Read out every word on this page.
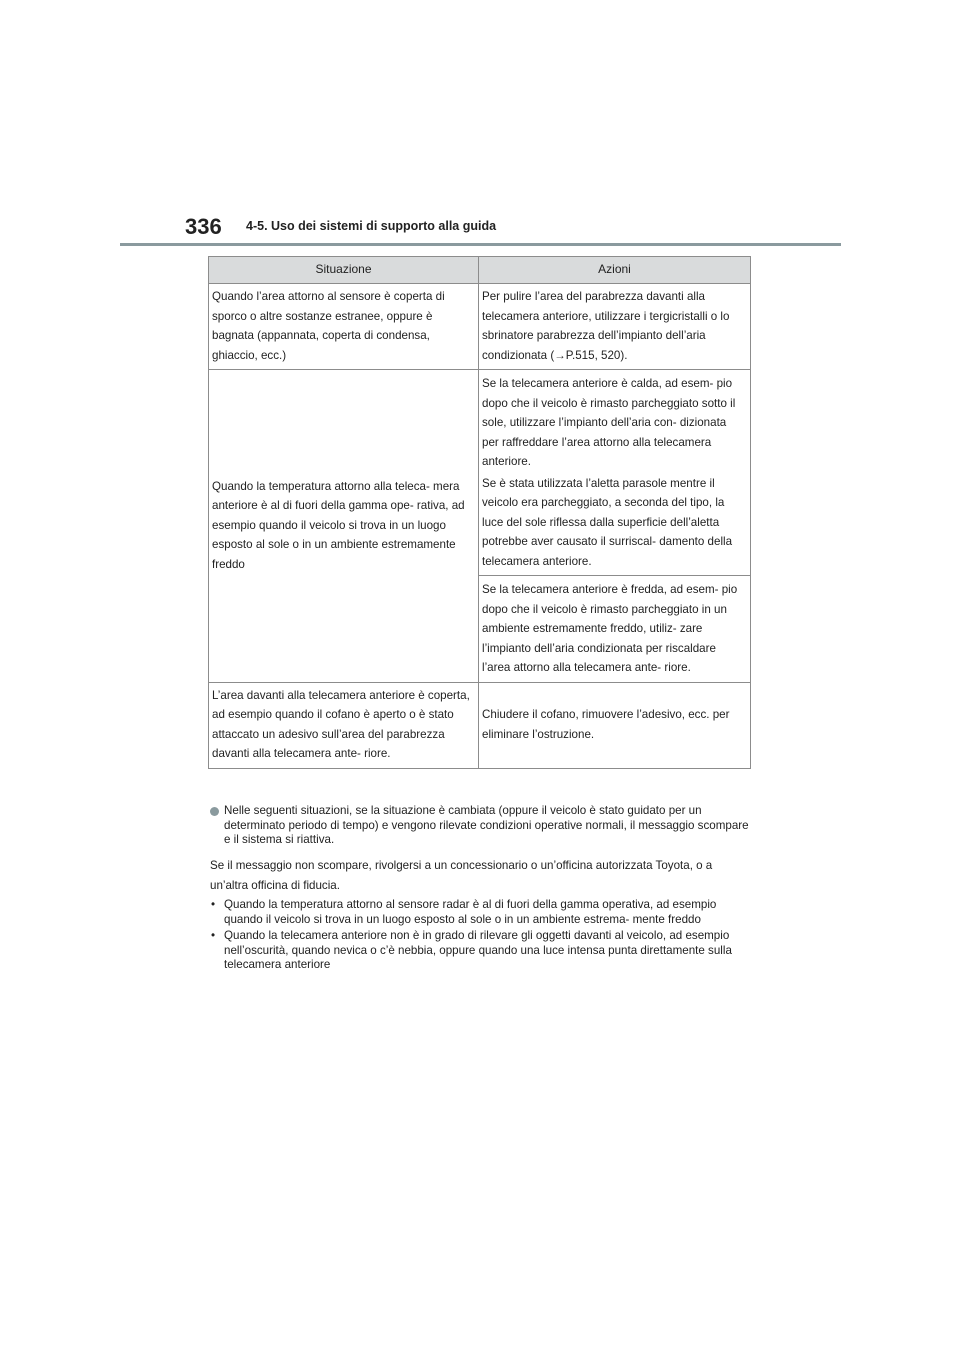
336 4-5. Uso dei sistemi di supporto alla guida
Situazione	Azioni
Quando l’area attorno al sensore è coperta di sporco o altre sostanze estranee, oppure è bagnata (appannata, coperta di condensa, ghiaccio, ecc.)	Per pulire l’area del parabrezza davanti alla telecamera anteriore, utilizzare i tergicristalli o lo sbrinatore parabrezza dell’impianto dell’aria condizionata (→P.515, 520).
Quando la temperatura attorno alla teleca- mera anteriore è al di fuori della gamma ope- rativa, ad esempio quando il veicolo si trova in un luogo esposto al sole o in un ambiente estremamente freddo	Se la telecamera anteriore è calda, ad esem- pio dopo che il veicolo è rimasto parcheggiato sotto il sole, utilizzare l’impianto dell’aria con- dizionata per raffreddare l’area attorno alla telecamera anteriore.
Se è stata utilizzata l’aletta parasole mentre il veicolo era parcheggiato, a seconda del tipo, la luce del sole riflessa dalla superficie dell’aletta potrebbe aver causato il surriscal- damento della telecamera anteriore.

	Se la telecamera anteriore è fredda, ad esem- pio dopo che il veicolo è rimasto parcheggiato in un ambiente estremamente freddo, utiliz- zare l’impianto dell’aria condizionata per riscaldare l’area attorno alla telecamera ante- riore.
L’area davanti alla telecamera anteriore è coperta, ad esempio quando il cofano è aperto o è stato attaccato un adesivo sull’area del parabrezza davanti alla telecamera ante- riore.	Chiudere il cofano, rimuovere l’adesivo, ecc. per eliminare l’ostruzione.
Nelle seguenti situazioni, se la situazione è cambiata (oppure il veicolo è stato guidato per un determinato periodo di tempo) e vengono rilevate condizioni operative normali, il messaggio scompare e il sistema si riattiva.
Se il messaggio non scompare, rivolgersi a un concessionario o un’officina autorizzata Toyota, o a un’altra officina di fiducia.
• Quando la temperatura attorno al sensore radar è al di fuori della gamma operativa, ad esempio quando il veicolo si trova in un luogo esposto al sole o in un ambiente estrema- mente freddo
• Quando la telecamera anteriore non è in grado di rilevare gli oggetti davanti al veicolo, ad esempio nell’oscurità, quando nevica o c’è nebbia, oppure quando una luce intensa punta direttamente sulla telecamera anteriore
